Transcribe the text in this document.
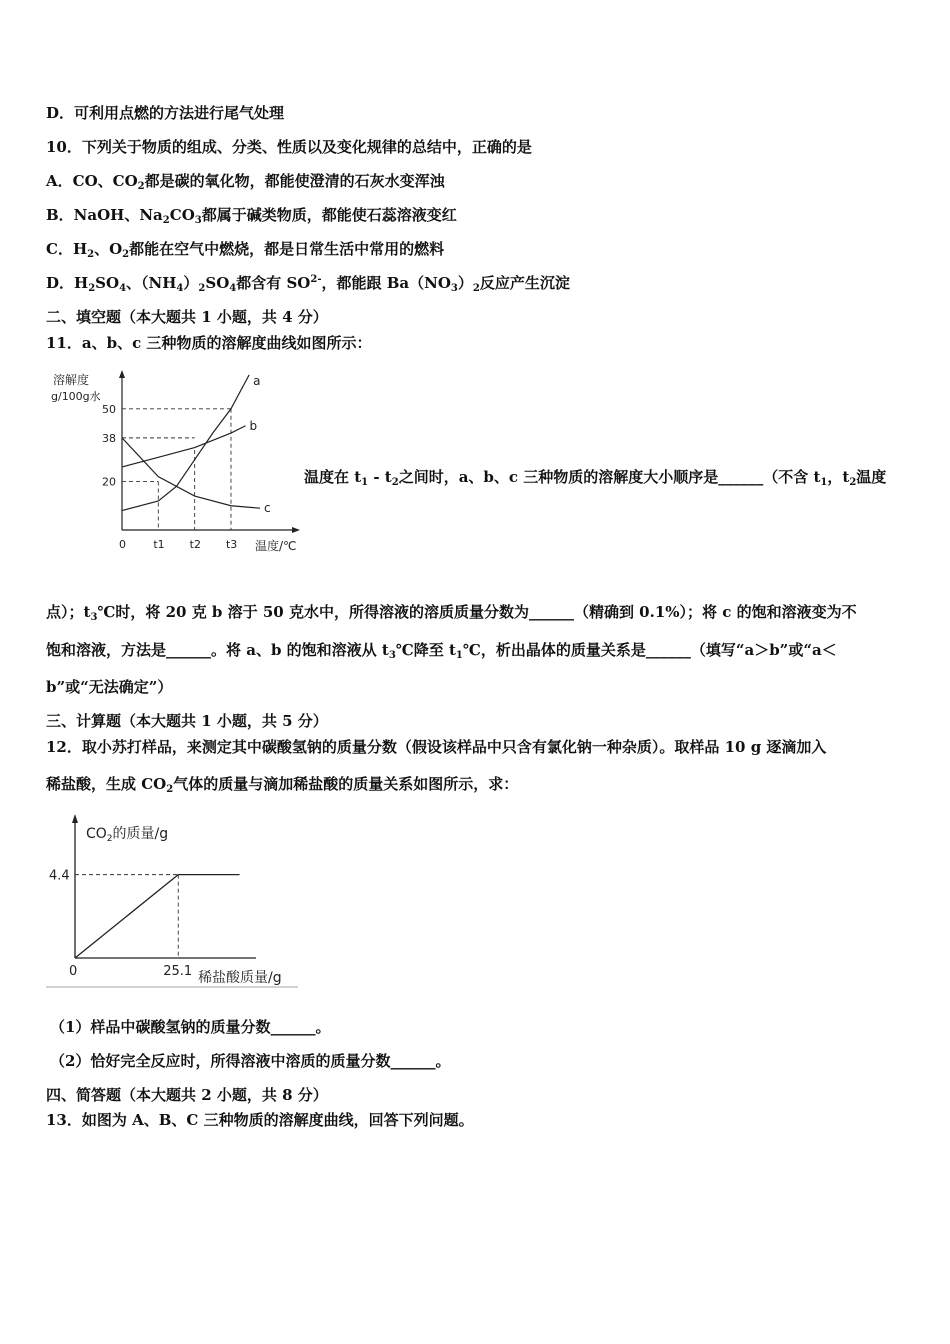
D．可利用点燃的方法进行尾气处理
10．下列关于物质的组成、分类、性质以及变化规律的总结中，正确的是
A．CO、$CO_2$都是碳的氧化物，都能使澄清的石灰水变浑浊
B．NaOH、$Na_2CO_3$都属于碱类物质，都能使石蕊溶液变红
C．$H_2$、$O_2$都能在空气中燃烧，都是日常生活中常用的燃料
D．$H_2SO_4$、$(NH_4)_2SO_4$都含有 $SO^{2-}$，都能跟 $Ba(NO_3)_2$反应产生沉淀
二、填空题（本大题共 1 小题，共 4 分）
11．a、b、c 三种物质的溶解度曲线如图所示：
a
b
c
20
38
50
t1 t2 t3
溶解度
g/100g水
温度/℃
0
温度在 $t_1 - t_2$之间时，a、b、c 三种物质的溶解度大小顺序是______（不含 $t_1$，$t_2$温度
点）；$t_3℃$时，将 20 克 b 溶于 50 克水中，所得溶液的溶质质量分数为______（精确到 0.1%）；将 c 的饱和溶液变为不
饱和溶液，方法是______。将 a、b 的饱和溶液从 $t_3℃$降至 $t_1℃$，析出晶体的质量关系是______（填写“a＞b”或“a＜
b”或“无法确定”）
三、计算题（本大题共 1 小题，共 5 分）
12．取小苏打样品，来测定其中碳酸氢钠的质量分数（假设该样品中只含有氯化钠一种杂质）。取样品 10 g 逐滴加入
稀盐酸，生成 $CO_2$气体的质量与滴加稀盐酸的质量关系如图所示，求：
4.4
25.1
$CO_2$的质量/g
稀盐酸质量/g
0
（1）样品中碳酸氢钠的质量分数______。
（2）恰好完全反应时，所得溶液中溶质的质量分数______。
四、简答题（本大题共 2 小题，共 8 分）
13．如图为 A、B、C 三种物质的溶解度曲线，回答下列问题。
